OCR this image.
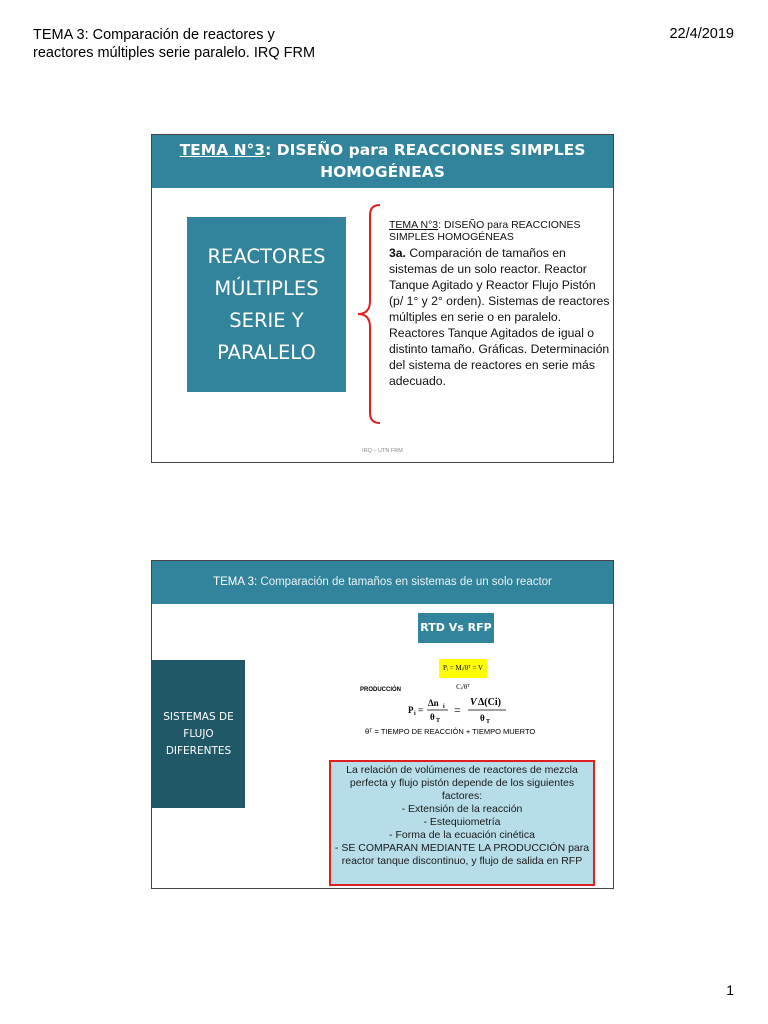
TEMA 3: Comparación de reactores y reactores múltiples serie paralelo. IRQ FRM
22/4/2019
TEMA N°3: DISEÑO para REACCIONES SIMPLES HOMOGÉNEAS
REACTORES
MÚLTIPLES
SERIE Y
PARALELO
TEMA N°3: DISEÑO para REACCIONES SIMPLES HOMOGÉNEAS
3a. Comparación de tamaños en sistemas de un solo reactor. Reactor Tanque Agitado y Reactor Flujo Pistón (p/ 1° y 2° orden). Sistemas de reactores múltiples en serie o en paralelo. Reactores Tanque Agitados de igual o distinto tamaño. Gráficas. Determinación del sistema de reactores en serie más adecuado.
IRQ – UTN FRM
TEMA 3: Comparación de tamaños en sistemas de un solo reactor
RTD Vs RFP
SISTEMAS DE
FLUJO
DIFERENTES
Pᵢ = Mᵢ/θᵀ = V Cᵢ/θᵀ
PRODUCCIÓN
P i =
Δn i
θ T
=
V Δ(Ci)
θ T
θᵀ = TIEMPO DE REACCIÓN + TIEMPO MUERTO
La relación de volúmenes de reactores de mezcla perfecta y flujo pistón depende de los siguientes factores:
- Extensión de la reacción
- Estequiometría
- Forma de la ecuación cinética
- SE COMPARAN MEDIANTE LA PRODUCCIÓN para reactor tanque discontinuo, y flujo de salida en RFP
1
